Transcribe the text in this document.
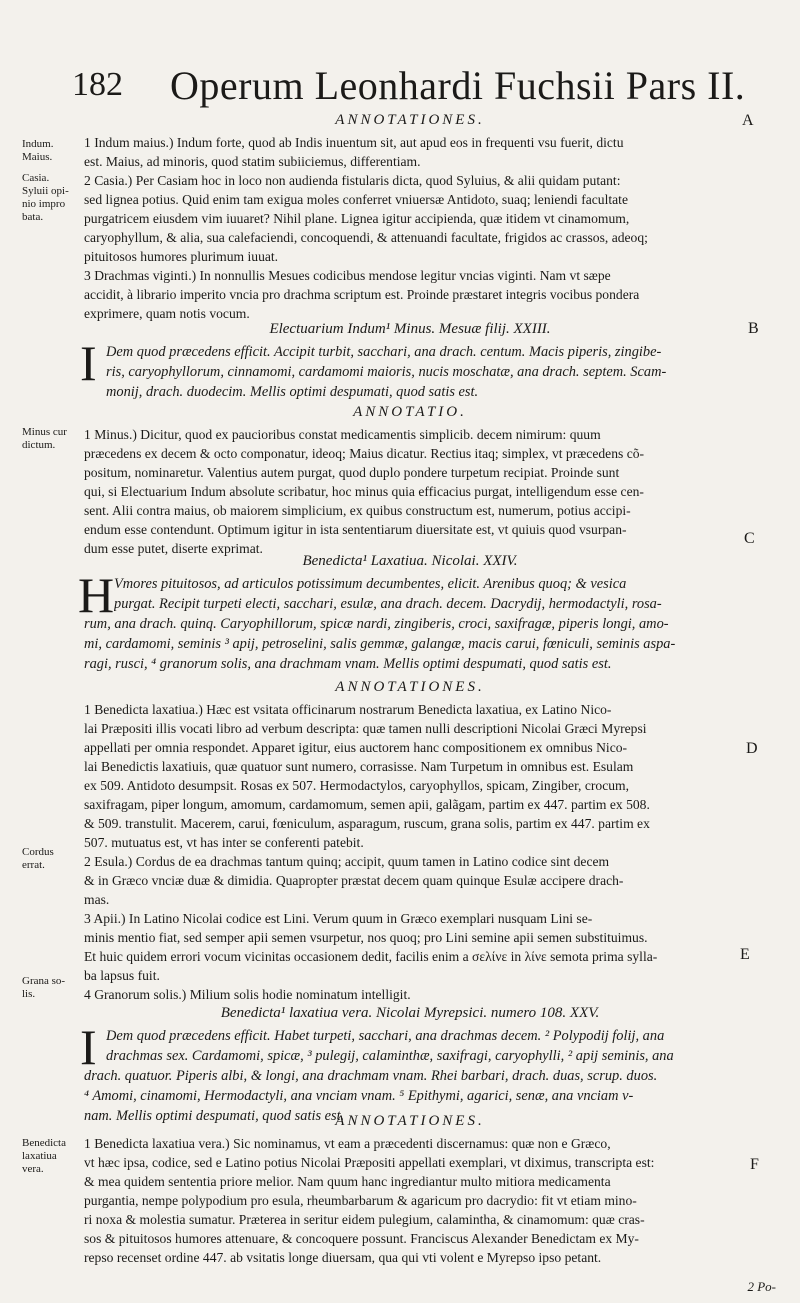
182 Operum Leonhardi Fuchsii Pars II.
ANNOTATIONES.
1 Indum maius.) Indum forte, quod ab Indis inuentum sit, aut apud eos in frequenti vsu fuerit, dictu
est. Maius, ad minoris, quod statim subiiciemus, differentiam.
2 Casia.) Per Casiam hoc in loco non audienda fistularis dicta, quod Syluius, & alii quidam putant:
sed lignea potius. Quid enim tam exigua moles conferret vniuersæ Antidoto, suaq; leniendi facultate
purgatricem eiusdem vim iuuaret? Nihil plane. Lignea igitur accipienda, quæ itidem vt cinamomum,
caryophyllum, & alia, sua calefaciendi, concoquendi, & attenuandi facultate, frigidos ac crassos, adeoq;
pituitosos humores plurimum iuuat.
3 Drachmas viginti.) In nonnullis Mesues codicibus mendose legitur vncias viginti. Nam vt sæpe
accidit, à librario imperito vncia pro drachma scriptum est. Proinde præstaret integris vocibus pondera
exprimere, quam notis vocum.
Electuarium Indum¹ Minus. Mesuæ filij. XXIII.
I Dem quod præcedens efficit. Accipit turbit, sacchari, ana drach. centum. Macis piperis, zingibe-
ris, caryophyllorum, cinnamomi, cardamomi maioris, nucis moschatæ, ana drach. septem. Scam-
monij, drach. duodecim. Mellis optimi despumati, quod satis est.
ANNOTATIO.
1 Minus.) Dicitur, quod ex paucioribus constat medicamentis simplicib. decem nimirum: quum
præcedens ex decem & octo componatur, ideoq; Maius dicatur. Rectius itaq; simplex, vt præcedens cõ-
positum, nominaretur. Valentius autem purgat, quod duplo pondere turpetum recipiat. Proinde sunt
qui, si Electuarium Indum absolute scribatur, hoc minus quia efficacius purgat, intelligendum esse cen-
sent. Alii contra maius, ob maiorem simplicium, ex quibus constructum est, numerum, potius accipi-
endum esse contendunt. Optimum igitur in ista sententiarum diuersitate est, vt quiuis quod vsurpan-
dum esse putet, diserte exprimat.
Benedicta¹ Laxatiua. Nicolai. XXIV.
H Vmores pituitosos, ad articulos potissimum decumbentes, elicit. Arenibus quoq; & vesica
purgat. Recipit turpeti electi, sacchari, esulæ, ana drach. decem. Dacrydij, hermodactyli, rosa-
rum, ana drach. quinq. Caryophillorum, spicæ nardi, zingiberis, croci, saxifragæ, piperis longi, amo-
mi, cardamomi, seminis ³ apij, petroselini, salis gemmæ, galangæ, macis carui, fœniculi, seminis aspa-
ragi, rusci, ⁴ granorum solis, ana drachmam vnam. Mellis optimi despumati, quod satis est.
ANNOTATIONES.
1 Benedicta laxatiua.) Hæc est vsitata officinarum nostrarum Benedicta laxatiua, ex Latino Nico-
lai Præpositi illis vocati libro ad verbum descripta: quæ tamen nulli descriptioni Nicolai Græci Myrepsi
appellati per omnia respondet. Apparet igitur, eius auctorem hanc compositionem ex omnibus Nico-
lai Benedictis laxatiuis, quæ quatuor sunt numero, corrasisse. Nam Turpetum in omnibus est. Esulam
ex 509. Antidoto desumpsit. Rosas ex 507. Hermodactylos, caryophyllos, spicam, Zingiber, crocum,
saxifragam, piper longum, amomum, cardamomum, semen apii, galãgam, partim ex 447. partim ex 508.
& 509. transtulit. Macerem, carui, fœniculum, asparagum, ruscum, grana solis, partim ex 447. partim ex
507. mutuatus est, vt has inter se conferenti patebit.
2 Esula.) Cordus de ea drachmas tantum quinq; accipit, quum tamen in Latino codice sint decem
& in Græco vnciæ duæ & dimidia. Quapropter præstat decem quam quinque Esulæ accipere drach-
mas.
3 Apii.) In Latino Nicolai codice est Lini. Verum quum in Græco exemplari nusquam Lini se-
minis mentio fiat, sed semper apii semen vsurpetur, nos quoq; pro Lini semine apii semen substituimus.
Et huic quidem errori vocum vicinitas occasionem dedit, facilis enim a σελίνε in λίνε semota prima sylla-
ba lapsus fuit.
4 Granorum solis.) Milium solis hodie nominatum intelligit.
Benedicta¹ laxatiua vera. Nicolai Myrepsici. numero 108. XXV.
I Dem quod præcedens efficit. Habet turpeti, sacchari, ana drachmas decem. ² Polypodij folij, ana
drachmas sex. Cardamomi, spicæ, ³ pulegij, calaminthæ, saxifragi, caryophylli, ² apij seminis, ana
drach. quatuor. Piperis albi, & longi, ana drachmam vnam. Rhei barbari, drach. duas, scrup. duos.
⁴ Amomi, cinamomi, Hermodactyli, ana vnciam vnam. ⁵ Epithymi, agarici, senæ, ana vnciam v-
nam. Mellis optimi despumati, quod satis est.
ANNOTATIONES.
1 Benedicta laxatiua vera.) Sic nominamus, vt eam a præcedenti discernamus: quæ non e Græco,
vt hæc ipsa, codice, sed e Latino potius Nicolai Præpositi appellati exemplari, vt diximus, transcripta est:
& mea quidem sententia priore melior. Nam quum hanc ingrediantur multo mitiora medicamenta
purgantia, nempe polypodium pro esula, rheumbarbarum & agaricum pro dacrydio: fit vt etiam mino-
ri noxa & molestia sumatur. Præterea in seritur eidem pulegium, calamintha, & cinamomum: quæ cras-
sos & pituitosos humores attenuare, & concoquere possunt. Franciscus Alexander Benedictam ex My-
repso recenset ordine 447. ab vsitatis longe diuersam, qua qui vti volent e Myrepso ipso petant.
Indum.
Maius.
Casia.
Syluii opi-
nio impro
bata.
Minus cur
dictum.
Cordus
errat.
Grana so-
lis.
Benedicta
laxatiua
vera.
A
B
C
D
E
F
2 Po-
